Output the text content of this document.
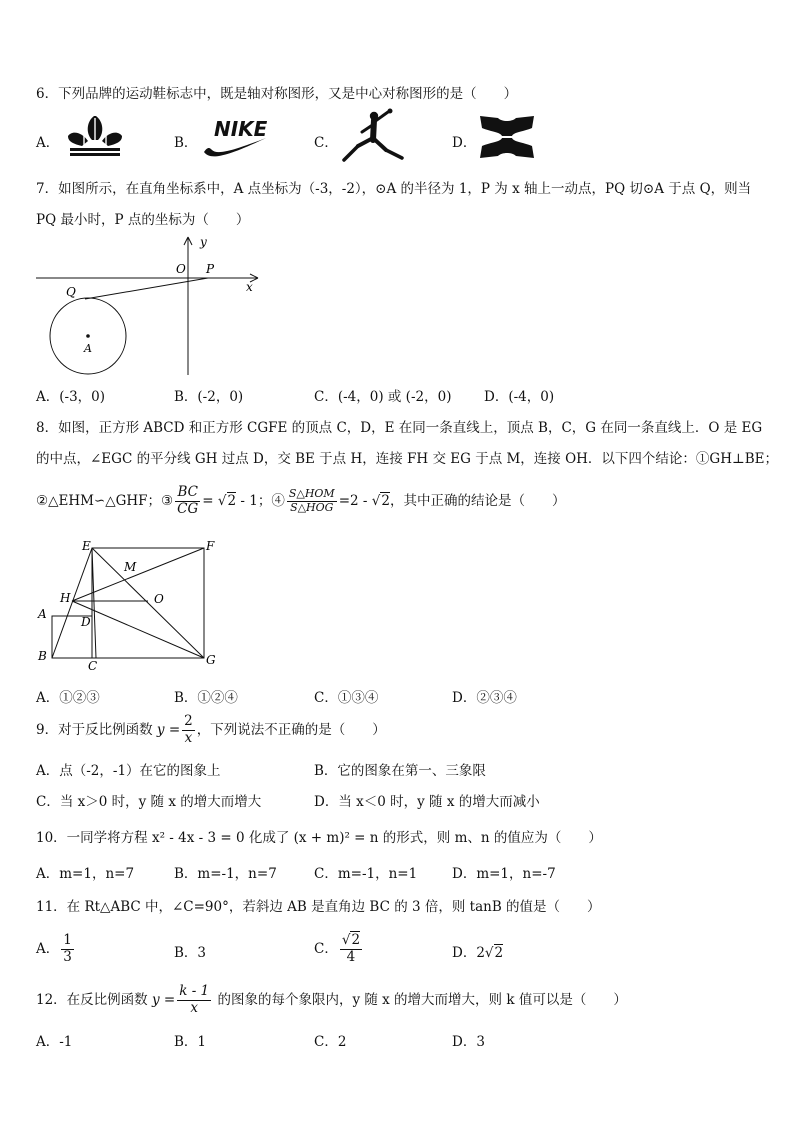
6．下列品牌的运动鞋标志中，既是轴对称图形，又是中心对称图形的是（　　）
A．	B．
NIKE
C．	D．
7．如图所示，在直角坐标系中，A 点坐标为（-3，-2），⊙A 的半径为 1，P 为 x 轴上一动点，PQ 切⊙A 于点 Q，则当
PQ 最小时，P 点的坐标为（　　）
y
x
O P
Q
A
A．(-3，0)	B．(-2，0)	C．(-4，0) 或 (-2，0) D．(-4，0)
8．如图，正方形 ABCD 和正方形 CGFE 的顶点 C，D，E 在同一条直线上，顶点 B，C，G 在同一条直线上．O 是 EG
的中点，∠EGC 的平分线 GH 过点 D，交 BE 于点 H，连接 FH 交 EG 于点 M，连接 OH．以下四个结论：①GH⊥BE；
②△EHM∽△GHF；③ $\frac{BC}{CG} = √2 - 1$；④ $\frac{\text{S△HOM}}{\text{S△HOG}} =2 - √2$，其中正确的结论是（　　）
E	F
M
H	O
A
D
B
C	G
A．①②③	B．①②④	C．①③④	D．②③④
9．对于反比例函数 $y = \frac{2}{x}$ ，下列说法不正确的是（　　）
A．点（-2，-1）在它的图象上	B．它的图象在第一、三象限
C．当 x＞0 时，y 随 x 的增大而增大	D．当 x＜0 时，y 随 x 的增大而减小
10．一同学将方程 x² - 4x - 3 = 0 化成了 (x + m)² = n 的形式，则 m、n 的值应为（　　）
A．m=1，n=7	B．m=-1，n=7	C．m=-1，n=1	D．m=1，n=-7
11．在 Rt△ABC 中，∠C=90°，若斜边 AB 是直角边 BC 的 3 倍，则 tanB 的值是（　　）
A． $\frac{1}{3}$	B．3	C． $\frac{√2}{4}$	D．2√2
12．在反比例函数 $y = \frac{k - 1}{x}$ 的图象的每个象限内，y 随 x 的增大而增大，则 k 值可以是（　　）
A．-1	B．1	C．2	D．3
